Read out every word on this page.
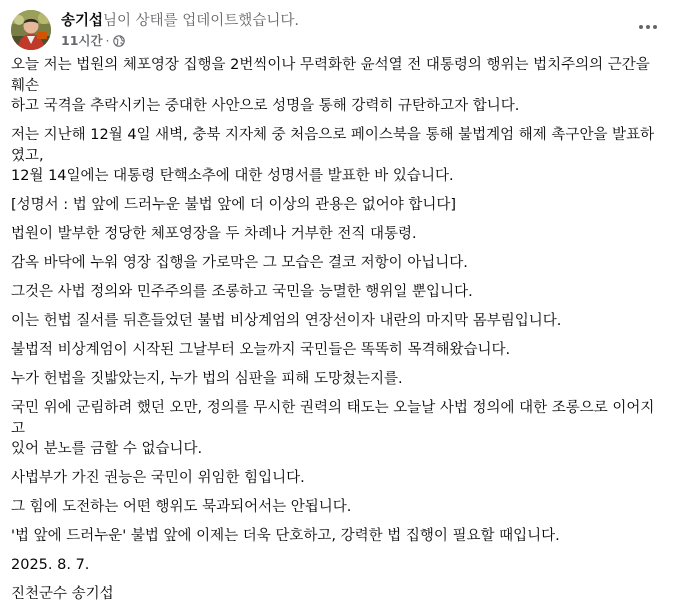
송기섭님이 상태를 업데이트했습니다.
11시간 ·

오늘 저는 법원의 체포영장 집행을 2번씩이나 무력화한 윤석열 전 대통령의 행위는 법치주의의 근간을 훼손
하고 국격을 추락시키는 중대한 사안으로 성명을 통해 강력히 규탄하고자 합니다.

저는 지난해 12월 4일 새벽, 충북 지자체 중 처음으로 페이스북을 통해 불법계엄 해제 촉구안을 발표하였고,
12월 14일에는 대통령 탄핵소추에 대한 성명서를 발표한 바 있습니다.

[성명서 : 법 앞에 드러누운 불법 앞에 더 이상의 관용은 없어야 합니다]

법원이 발부한 정당한 체포영장을 두 차례나 거부한 전직 대통령.

감옥 바닥에 누워 영장 집행을 가로막은 그 모습은 결코 저항이 아닙니다.

그것은 사법 정의와 민주주의를 조롱하고 국민을 능멸한 행위일 뿐입니다.

이는 헌법 질서를 뒤흔들었던 불법 비상계엄의 연장선이자 내란의 마지막 몸부림입니다.

불법적 비상계엄이 시작된 그날부터 오늘까지 국민들은 똑똑히 목격해왔습니다.

누가 헌법을 짓밟았는지, 누가 법의 심판을 피해 도망쳤는지를.

국민 위에 군림하려 했던 오만, 정의를 무시한 권력의 태도는 오늘날 사법 정의에 대한 조롱으로 이어지고
있어 분노를 금할 수 없습니다.

사법부가 가진 권능은 국민이 위임한 힘입니다.

그 힘에 도전하는 어떤 행위도 묵과되어서는 안됩니다.

'법 앞에 드러누운' 불법 앞에 이제는 더욱 단호하고, 강력한 법 집행이 필요할 때입니다.

2025. 8. 7.

진천군수 송기섭
